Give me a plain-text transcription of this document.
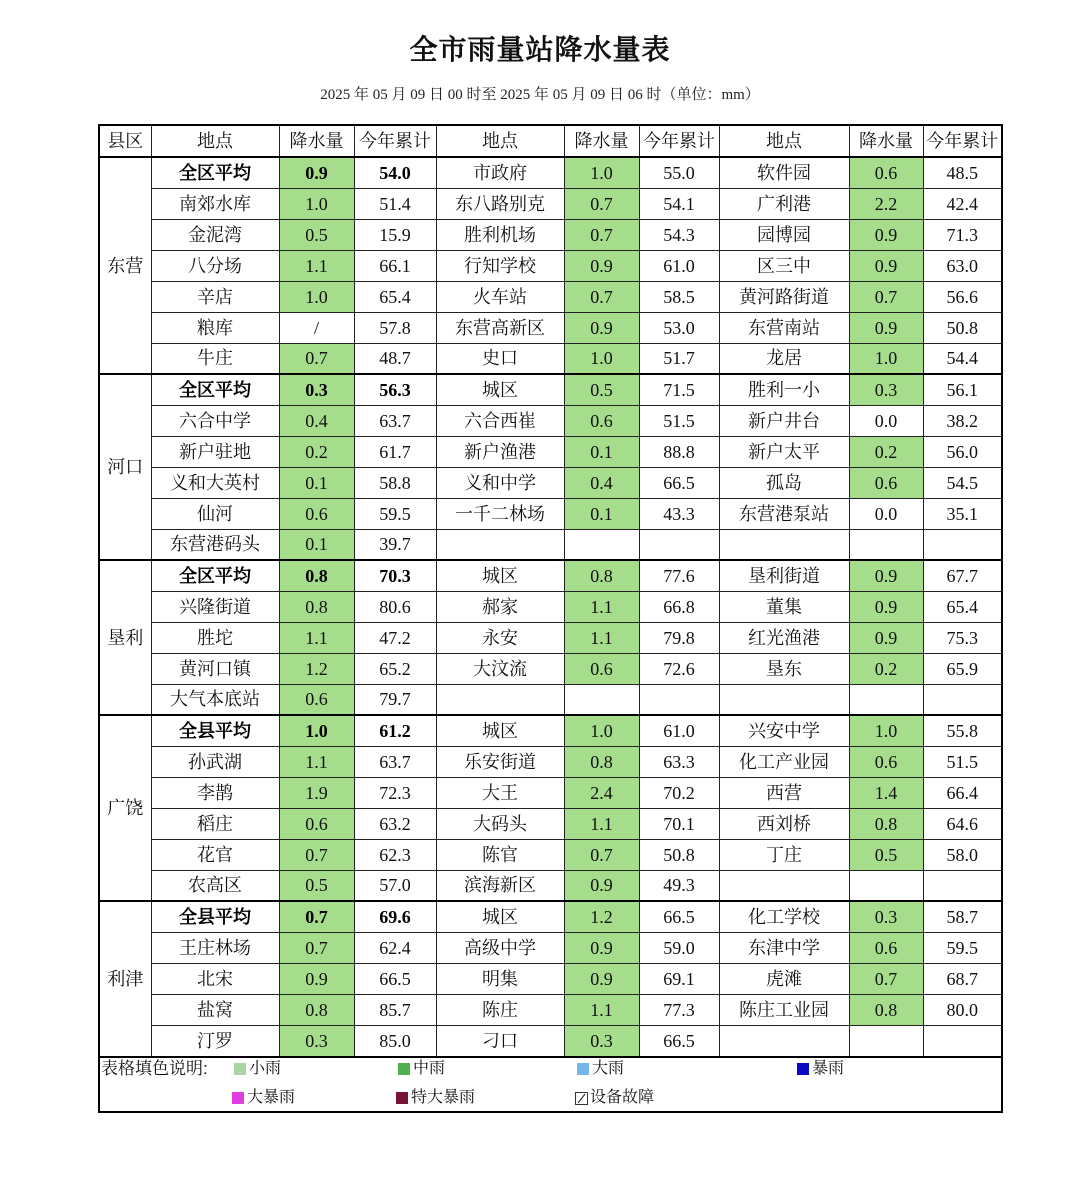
全市雨量站降水量表
2025 年 05 月 09 日 00 时至 2025 年 05 月 09 日 06 时（单位：mm）
县区	地点	降水量	今年累计	地点	降水量	今年累计	地点	降水量	今年累计
东营	全区平均	0.9	54.0	市政府	1.0	55.0	软件园	0.6	48.5
	南郊水库	1.0	51.4	东八路别克	0.7	54.1	广利港	2.2	42.4
	金泥湾	0.5	15.9	胜利机场	0.7	54.3	园博园	0.9	71.3
	八分场	1.1	66.1	行知学校	0.9	61.0	区三中	0.9	63.0
	辛店	1.0	65.4	火车站	0.7	58.5	黄河路街道	0.7	56.6
	粮库	/	57.8	东营高新区	0.9	53.0	东营南站	0.9	50.8
	牛庄	0.7	48.7	史口	1.0	51.7	龙居	1.0	54.4
河口	全区平均	0.3	56.3	城区	0.5	71.5	胜利一小	0.3	56.1
	六合中学	0.4	63.7	六合西崔	0.6	51.5	新户井台	0.0	38.2
	新户驻地	0.2	61.7	新户渔港	0.1	88.8	新户太平	0.2	56.0
	义和大英村	0.1	58.8	义和中学	0.4	66.5	孤岛	0.6	54.5
	仙河	0.6	59.5	一千二林场	0.1	43.3	东营港泵站	0.0	35.1
	东营港码头	0.1	39.7						
垦利	全区平均	0.8	70.3	城区	0.8	77.6	垦利街道	0.9	67.7
	兴隆街道	0.8	80.6	郝家	1.1	66.8	董集	0.9	65.4
	胜坨	1.1	47.2	永安	1.1	79.8	红光渔港	0.9	75.3
	黄河口镇	1.2	65.2	大汶流	0.6	72.6	垦东	0.2	65.9
	大气本底站	0.6	79.7						
广饶	全县平均	1.0	61.2	城区	1.0	61.0	兴安中学	1.0	55.8
	孙武湖	1.1	63.7	乐安街道	0.8	63.3	化工产业园	0.6	51.5
	李鹊	1.9	72.3	大王	2.4	70.2	西营	1.4	66.4
	稻庄	0.6	63.2	大码头	1.1	70.1	西刘桥	0.8	64.6
	花官	0.7	62.3	陈官	0.7	50.8	丁庄	0.5	58.0
	农高区	0.5	57.0	滨海新区	0.9	49.3			
利津	全县平均	0.7	69.6	城区	1.2	66.5	化工学校	0.3	58.7
	王庄林场	0.7	62.4	高级中学	0.9	59.0	东津中学	0.6	59.5
	北宋	0.9	66.5	明集	0.9	69.1	虎滩	0.7	68.7
	盐窝	0.8	85.7	陈庄	1.1	77.3	陈庄工业园	0.8	80.0
	汀罗	0.3	85.0	刁口	0.3	66.5			
表格填色说明:	小雨	中雨	大雨	暴雨
大暴雨	特大暴雨	设备故障
